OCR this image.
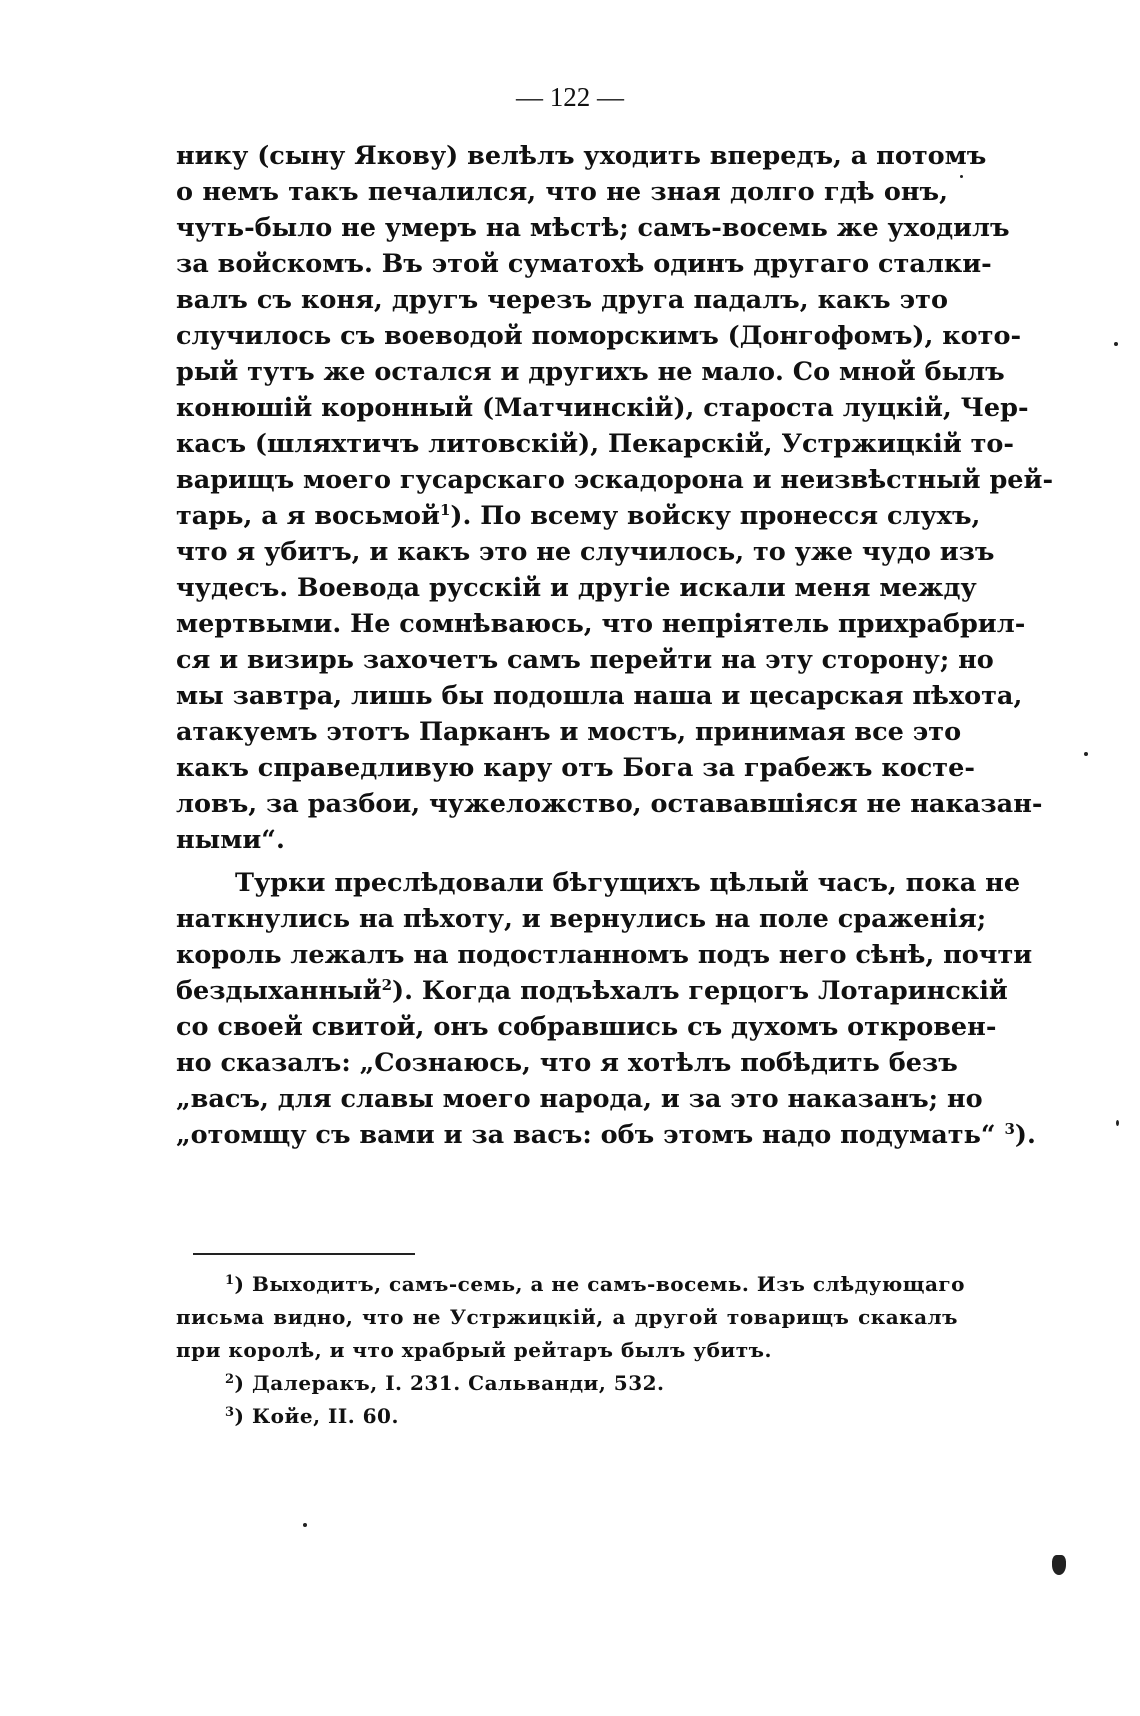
— 122 —
нику (сыну Якову) велѣлъ уходить впередъ, а потомъ
о немъ такъ печалился, что не зная долго гдѣ онъ,
чуть-было не умеръ на мѣстѣ; самъ-восемь же уходилъ
за войскомъ. Въ этой суматохѣ одинъ другаго сталки-
валъ съ коня, другъ черезъ друга падалъ, какъ это
случилось съ воеводой поморскимъ (Донгофомъ), кото-
рый тутъ же остался и другихъ не мало. Со мной былъ
конюшій коронный (Матчинскій), староста луцкій, Чер-
касъ (шляхтичъ литовскій), Пекарскій, Устржицкій то-
варищъ моего гусарскаго эскадорона и неизвѣстный рей-
тарь, а я восьмой$^1$). По всему войску пронесся слухъ,
что я убитъ, и какъ это не случилось, то уже чудо изъ
чудесъ. Воевода русскій и другіе искали меня между
мертвыми. Не сомнѣваюсь, что непріятель прихрабрил-
ся и визирь захочетъ самъ перейти на эту сторону; но
мы завтра, лишь бы подошла наша и цесарская пѣхота,
атакуемъ этотъ Парканъ и мостъ, принимая все это
какъ справедливую кару отъ Бога за грабежъ костe-
ловъ, за разбои, чужеложство, остававшіяся не наказан-
ными“.
Турки преслѣдовали бѣгущихъ цѣлый часъ, пока не
наткнулись на пѣхоту, и вернулись на поле сраженія;
король лежалъ на подостланномъ подъ него сѣнѣ, почти
бездыханный$^2$). Когда подъѣхалъ герцогъ Лотаринскій
со своей свитой, онъ собравшись съ духомъ откровен-
но сказалъ: „Сознаюсь, что я хотѣлъ побѣдить безъ
„васъ, для славы моего народа, и за это наказанъ; но
„отомщу съ вами и за васъ: объ этомъ надо подумать“ $^3$).
$^1$) Выходитъ, самъ-семь, а не самъ-восемь. Изъ слѣдующаго
письма видно, что не Устржицкій, а другой товарищъ скакалъ
при королѣ, и что храбрый рейтаръ былъ убитъ.
$^2$) Далеракъ, I. 231. Сальванди, 532.
$^3$) Койе, II. 60.
